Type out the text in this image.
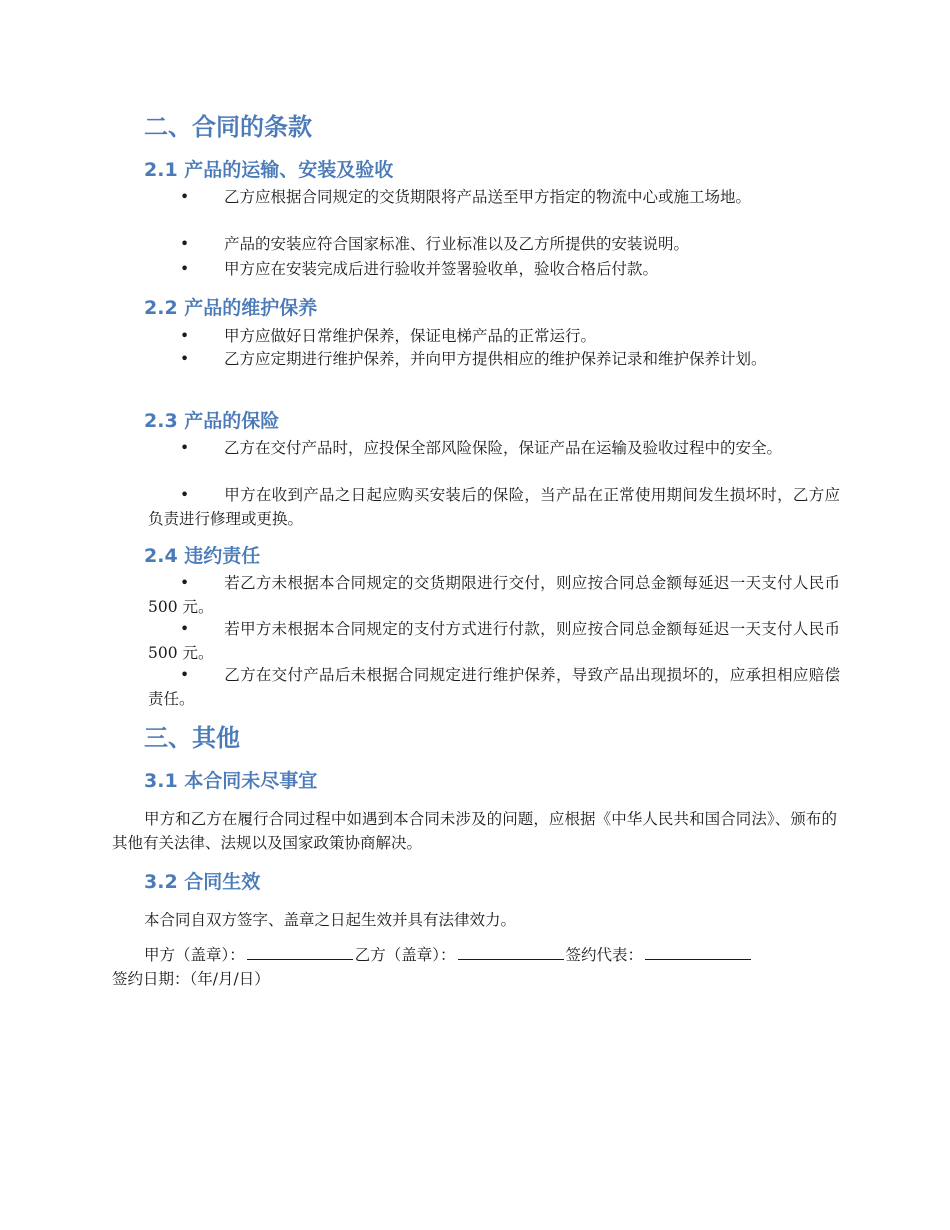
二、合同的条款
2.1 产品的运输、安装及验收
• 乙方应根据合同规定的交货期限将产品送至甲方指定的物流中心或施工场地。
• 产品的安装应符合国家标准、行业标准以及乙方所提供的安装说明。
• 甲方应在安装完成后进行验收并签署验收单，验收合格后付款。
2.2 产品的维护保养
• 甲方应做好日常维护保养，保证电梯产品的正常运行。
• 乙方应定期进行维护保养，并向甲方提供相应的维护保养记录和维护保养计划。
2.3 产品的保险
• 乙方在交付产品时，应投保全部风险保险，保证产品在运输及验收过程中的安全。
• 甲方在收到产品之日起应购买安装后的保险，当产品在正常使用期间发生损坏时，乙方应负责进行修理或更换。
2.4 违约责任
• 若乙方未根据本合同规定的交货期限进行交付，则应按合同总金额每延迟一天支付人民币 500 元。
• 若甲方未根据本合同规定的支付方式进行付款，则应按合同总金额每延迟一天支付人民币 500 元。
• 乙方在交付产品后未根据合同规定进行维护保养，导致产品出现损坏的，应承担相应赔偿责任。
三、其他
3.1 本合同未尽事宜
甲方和乙方在履行合同过程中如遇到本合同未涉及的问题，应根据《中华人民共和国合同法》、颁布的其他有关法律、法规以及国家政策协商解决。
3.2 合同生效
本合同自双方签字、盖章之日起生效并具有法律效力。
甲方（盖章）：	乙方（盖章）：	签约代表：
签约日期：（年/月/日）
